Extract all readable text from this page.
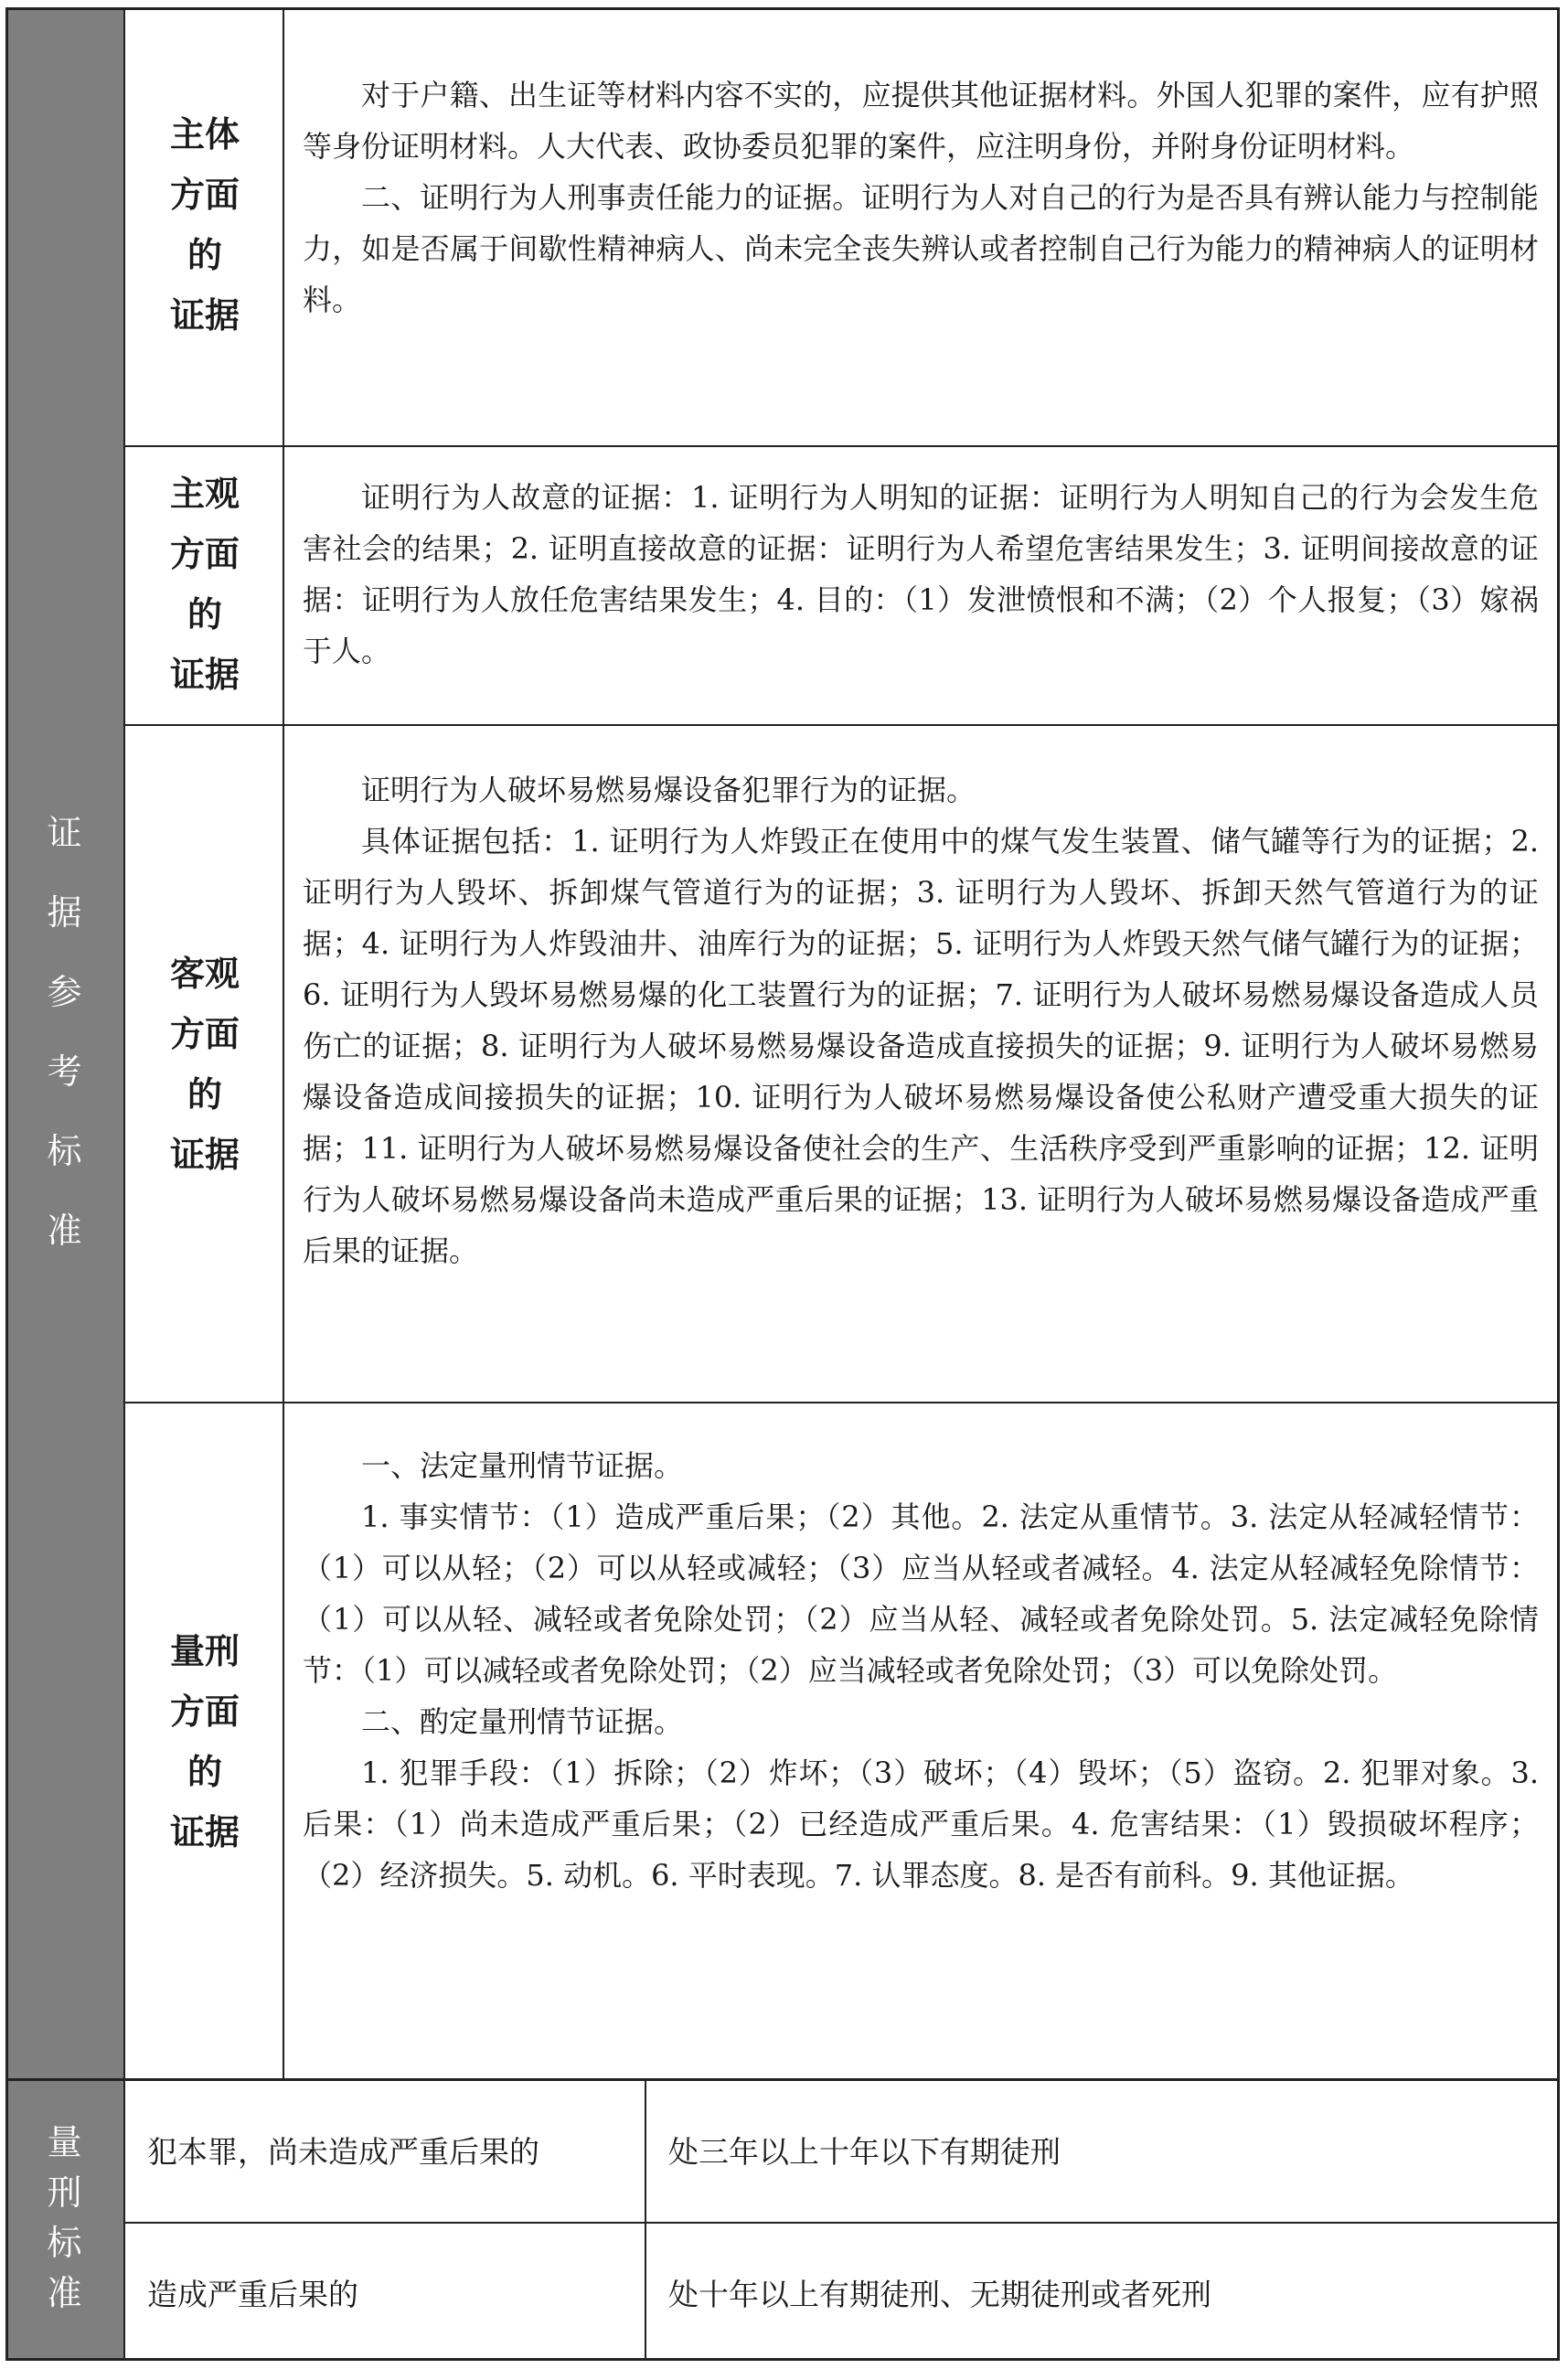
证
据
参
考
标
准
量
刑
标
准
主体
方面
的
证据

对于户籍、出生证等材料内容不实的，应提供其他证据材料。外国人犯罪的案件，应有护照等身份证明材料。人大代表、政协委员犯罪的案件，应注明身份，并附身份证明材料。

二、证明行为人刑事责任能力的证据。证明行为人对自己的行为是否具有辨认能力与控制能力，如是否属于间歇性精神病人、尚未完全丧失辨认或者控制自己行为能力的精神病人的证明材料。

主观
方面
的
证据

证明行为人故意的证据：1. 证明行为人明知的证据：证明行为人明知自己的行为会发生危害社会的结果；2. 证明直接故意的证据：证明行为人希望危害结果发生；3. 证明间接故意的证据：证明行为人放任危害结果发生；4. 目的：（1）发泄愤恨和不满；（2）个人报复；（3）嫁祸于人。

客观
方面
的
证据

证明行为人破坏易燃易爆设备犯罪行为的证据。

具体证据包括：1. 证明行为人炸毁正在使用中的煤气发生装置、储气罐等行为的证据；2. 证明行为人毁坏、拆卸煤气管道行为的证据；3. 证明行为人毁坏、拆卸天然气管道行为的证据；4. 证明行为人炸毁油井、油库行为的证据；5. 证明行为人炸毁天然气储气罐行为的证据；6. 证明行为人毁坏易燃易爆的化工装置行为的证据；7. 证明行为人破坏易燃易爆设备造成人员伤亡的证据；8. 证明行为人破坏易燃易爆设备造成直接损失的证据；9. 证明行为人破坏易燃易爆设备造成间接损失的证据；10. 证明行为人破坏易燃易爆设备使公私财产遭受重大损失的证据；11. 证明行为人破坏易燃易爆设备使社会的生产、生活秩序受到严重影响的证据；12. 证明行为人破坏易燃易爆设备尚未造成严重后果的证据；13. 证明行为人破坏易燃易爆设备造成严重后果的证据。

量刑
方面
的
证据

一、法定量刑情节证据。

1. 事实情节：（1）造成严重后果；（2）其他。2. 法定从重情节。3. 法定从轻减轻情节：（1）可以从轻；（2）可以从轻或减轻；（3）应当从轻或者减轻。4. 法定从轻减轻免除情节：（1）可以从轻、减轻或者免除处罚；（2）应当从轻、减轻或者免除处罚。5. 法定减轻免除情节：（1）可以减轻或者免除处罚；（2）应当减轻或者免除处罚；（3）可以免除处罚。

二、酌定量刑情节证据。

1. 犯罪手段：（1）拆除；（2）炸坏；（3）破坏；（4）毁坏；（5）盗窃。2. 犯罪对象。3. 后果：（1）尚未造成严重后果；（2）已经造成严重后果。4. 危害结果：（1）毁损破坏程序；（2）经济损失。5. 动机。6. 平时表现。7. 认罪态度。8. 是否有前科。9. 其他证据。

犯本罪，尚未造成严重后果的	处三年以上十年以下有期徒刑
造成严重后果的	处十年以上有期徒刑、无期徒刑或者死刑
